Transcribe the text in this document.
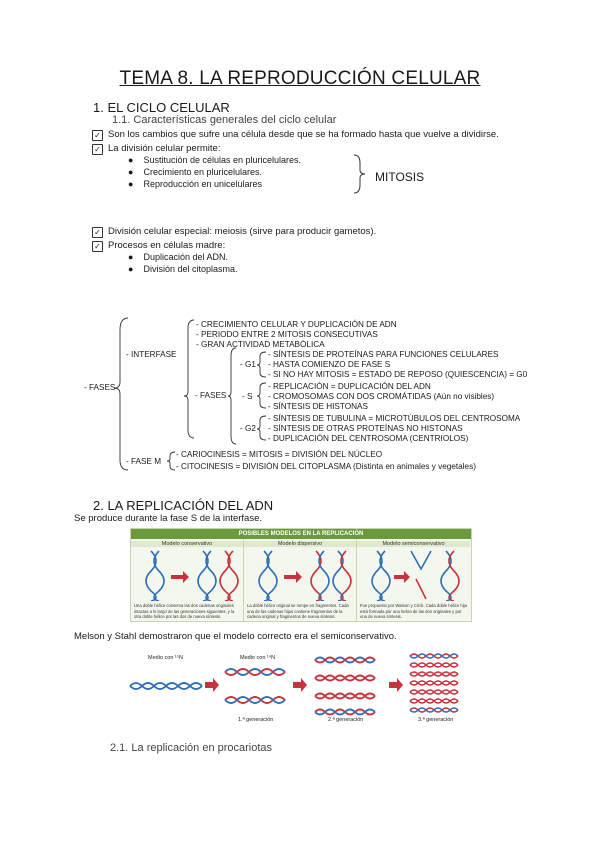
TEMA 8. LA REPRODUCCIÓN CELULAR
1. EL CICLO CELULAR
1.1. Características generales del ciclo celular
✓ Son los cambios que sufre una célula desde que se ha formado hasta que vuelve a dividirse.
✓ La división celular permite:
●    Sustitución de células en pluricelulares.
●    Crecimiento en pluricelulares.
●    Reproducción en unicelulares	MITOSIS
✓ División celular especial: meiosis (sirve para producir gametos).
✓ Procesos en células madre:
●    Duplicación del ADN.
●    División del citoplasma.
- FASES
- INTERFASE
- CRECIMIENTO CELULAR Y DUPLICACIÓN DE ADN
- PERIODO ENTRE 2 MITOSIS CONSECUTIVAS
- GRAN ACTIVIDAD METABÓLICA
- FASES
- G1
- SÍNTESIS DE PROTEÍNAS PARA FUNCIONES CELULARES
- HASTA COMIENZO DE FASE S
- SI NO HAY MITOSIS = ESTADO DE REPOSO (QUIESCENCIA) = G0
- S
- REPLICACIÓN = DUPLICACIÓN DEL ADN
- CROMOSOMAS CON DOS CROMÁTIDAS (Aún no visibles)
- SÍNTESIS DE HISTONAS
- G2
- SÍNTESIS DE TUBULINA = MICROTÚBULOS DEL CENTROSOMA
- SÍNTESIS DE OTRAS PROTEÍNAS NO HISTONAS
- DUPLICACIÓN DEL CENTROSOMA (CENTRIOLOS)
- FASE M
- CARIOCINESIS = MITOSIS = DIVISIÓN DEL NÚCLEO
- CITOCINESIS = DIVISIÓN DEL CITOPLASMA (Distinta en animales y vegetales)
2. LA REPLICACIÓN DEL ADN
Se produce durante la fase S de la interfase.
POSIBLES MODELOS EN LA REPLICACIÓN
Modelo conservativo
Una doble hélice conserva las dos cadenas originales intactas a lo largo de las generaciones siguientes, y la otra doble hélice por las dos de nueva síntesis.
Modelo dispersivo
La doble hélice original se rompe en fragmentos. Cada una de las cadenas hijas contiene fragmentos de la cadena original y fragmentos de nueva síntesis.
Modelo semiconservativo
Fue propuesto por Watson y Crick. Cada doble hélice hija está formada por una hebra de las dos originales y por una de nueva síntesis.
Melson y Stahl demostraron que el modelo correcto era el semiconservativo.
Medio con ¹⁵N	Medio con ¹⁴N
1.ª generación	2.ª generación	3.ª generación
2.1. La replicación en procariotas
